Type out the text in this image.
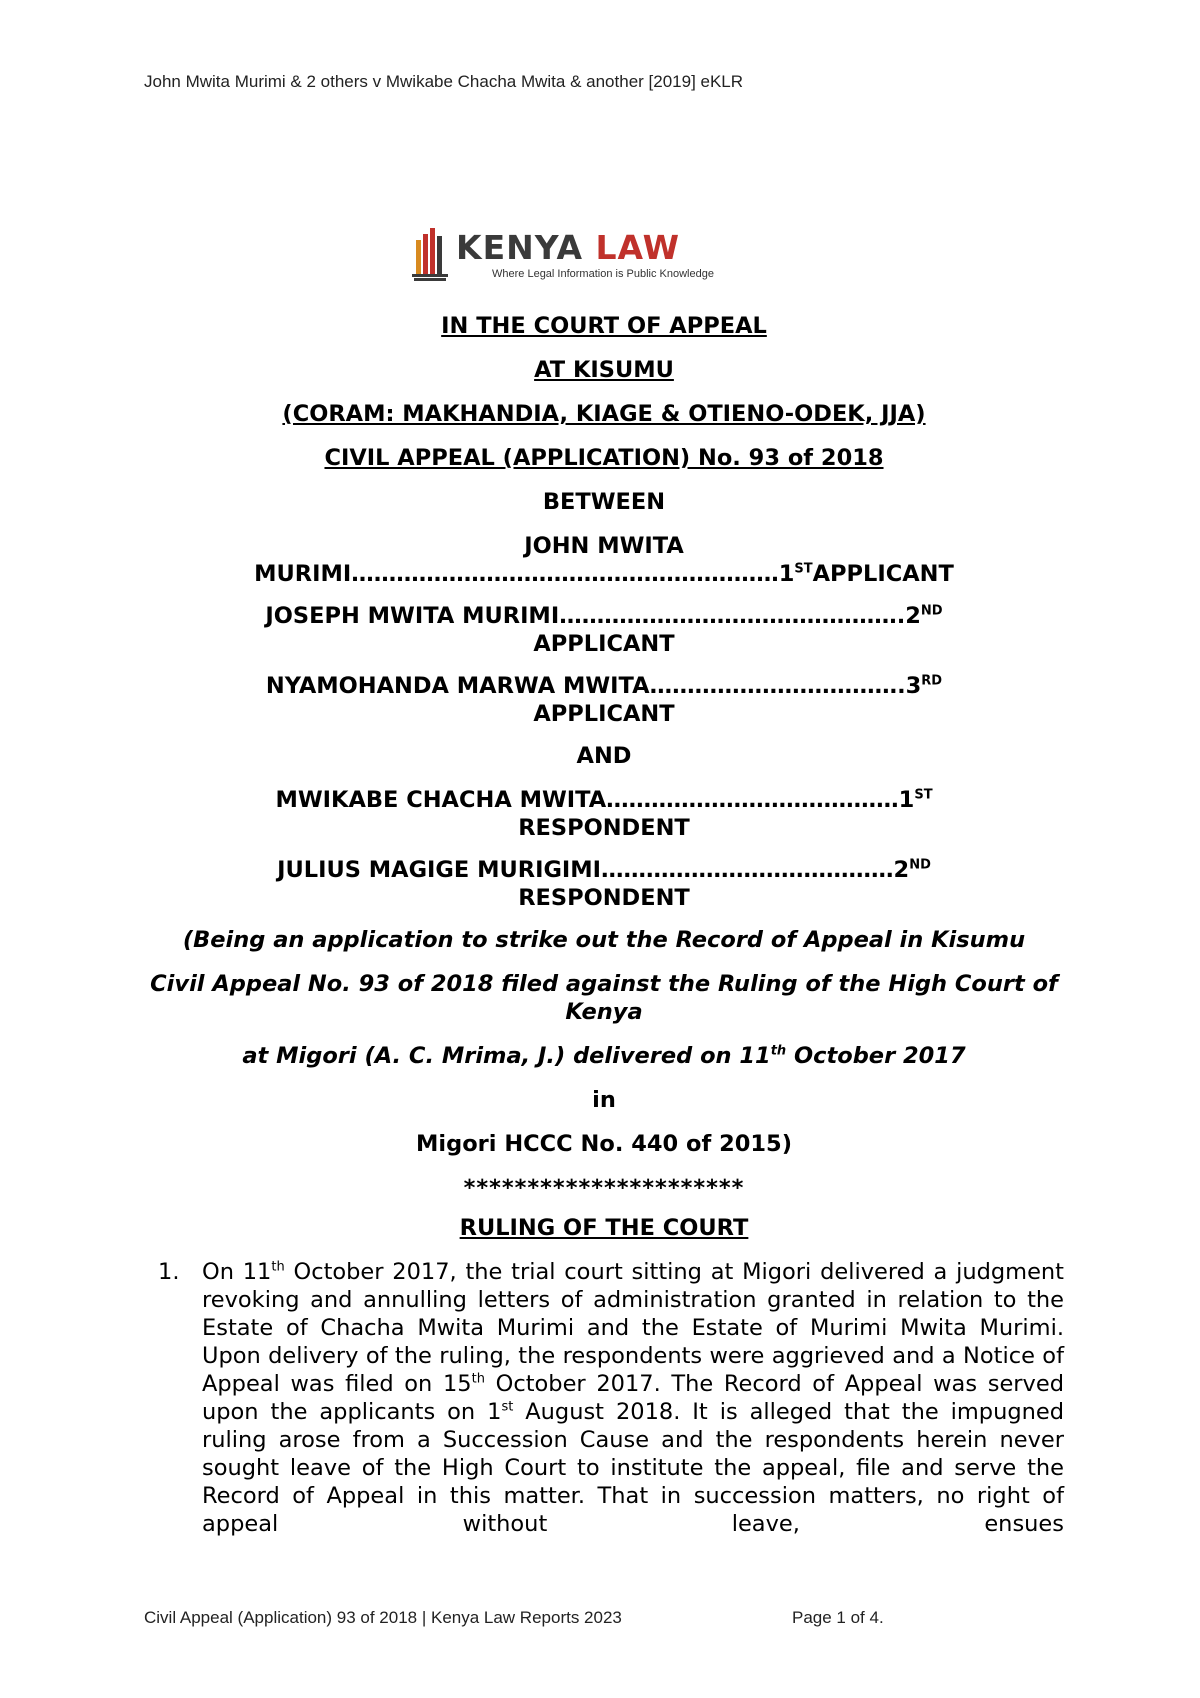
John Mwita Murimi & 2 others v Mwikabe Chacha Mwita & another [2019] eKLR
KENYA LAW
Where Legal Information is Public Knowledge
IN THE COURT OF APPEAL
AT KISUMU
(CORAM: MAKHANDIA, KIAGE & OTIENO-ODEK, JJA)
CIVIL APPEAL (APPLICATION) No. 93 of 2018
BETWEEN
JOHN MWITA
MURIMI…………………………………………………1STAPPLICANT
JOSEPH MWITA MURIMI……………………………………….2ND
APPLICANT
NYAMOHANDA MARWA MWITA…………………………….3RD
APPLICANT
AND
MWIKABE CHACHA MWITA…………………………………1ST
RESPONDENT
JULIUS MAGIGE MURIGIMI…………………………………2ND
RESPONDENT
(Being an application to strike out the Record of Appeal in Kisumu
Civil Appeal No. 93 of 2018 filed against the Ruling of the High Court of Kenya
at Migori (A. C. Mrima, J.) delivered on 11th October 2017
in
Migori HCCC No. 440 of 2015)
**********************
RULING OF THE COURT
1.	On 11th October 2017, the trial court sitting at Migori delivered a judgment revoking and annulling letters of administration granted in relation to the Estate of Chacha Mwita Murimi and the Estate of Murimi Mwita Murimi. Upon delivery of the ruling, the respondents were aggrieved and a Notice of Appeal was filed on 15th October 2017. The Record of Appeal was served upon the applicants on 1st August 2018. It is alleged that the impugned ruling arose from a Succession Cause and the respondents herein never sought leave of the High Court to institute the appeal, file and serve the Record of Appeal in this matter. That in succession matters, no right of appeal without leave, ensues
Civil Appeal (Application) 93 of 2018 | Kenya Law Reports 2023	Page 1 of 4.
